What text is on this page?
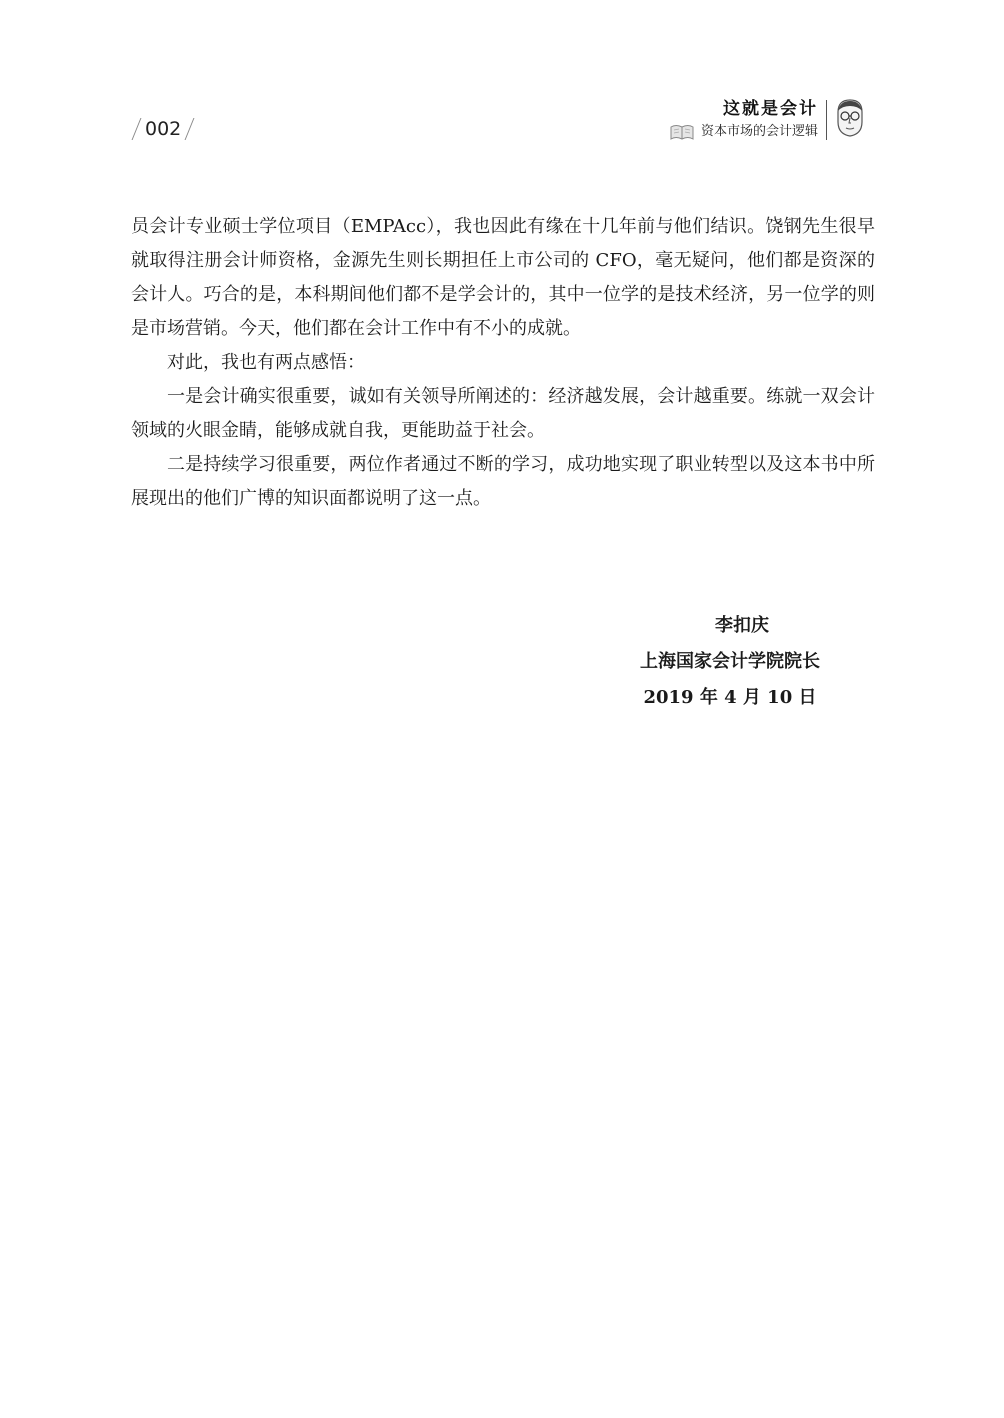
002
这就是会计
资本市场的会计逻辑

员会计专业硕士学位项目（EMPAcc），我也因此有缘在十几年前与他们结识。饶钢先生很早就取得注册会计师资格，金源先生则长期担任上市公司的 CFO，毫无疑问，他们都是资深的会计人。巧合的是，本科期间他们都不是学会计的，其中一位学的是技术经济，另一位学的则是市场营销。今天，他们都在会计工作中有不小的成就。

对此，我也有两点感悟：

一是会计确实很重要，诚如有关领导所阐述的：经济越发展，会计越重要。练就一双会计领域的火眼金睛，能够成就自我，更能助益于社会。

二是持续学习很重要，两位作者通过不断的学习，成功地实现了职业转型以及这本书中所展现出的他们广博的知识面都说明了这一点。

李扣庆
上海国家会计学院院长
2019 年 4 月 10 日
